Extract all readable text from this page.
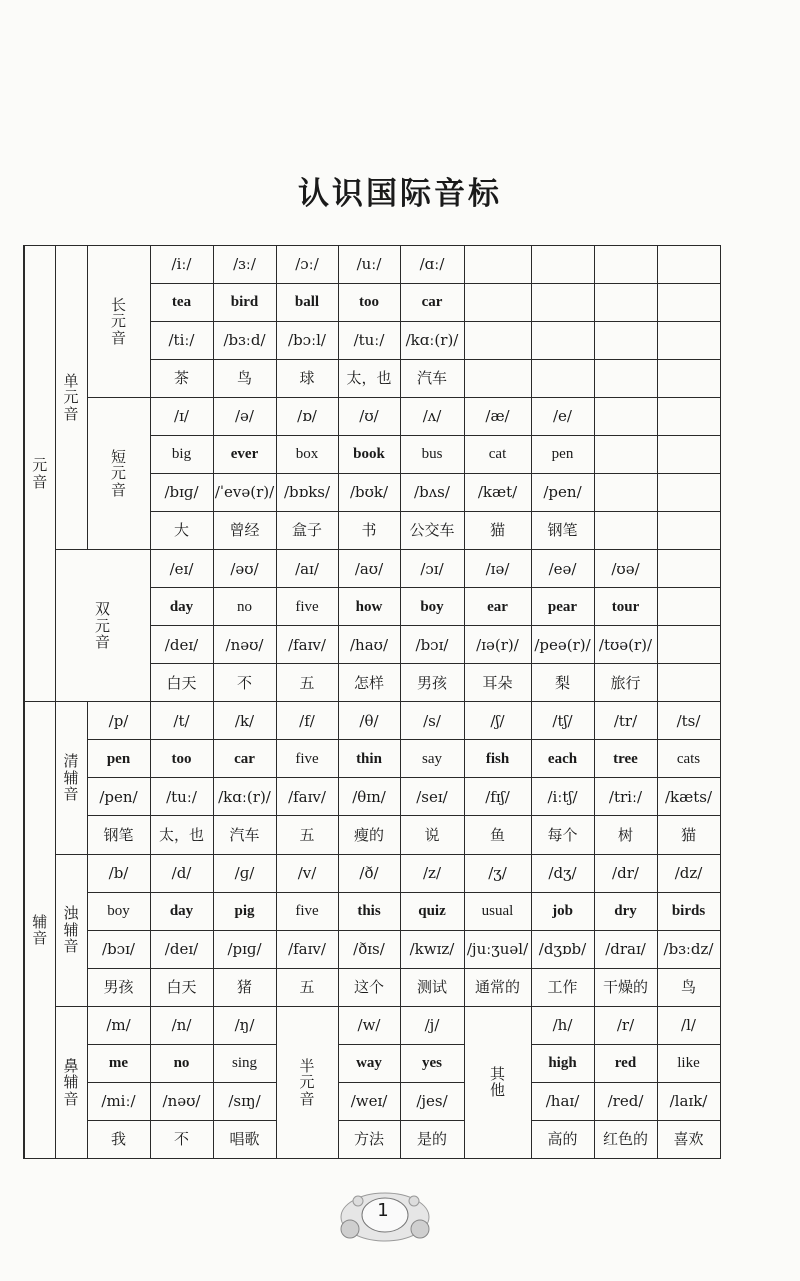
认识国际音标
元音	单元音	长元音	/iː/	/ɜː/	/ɔː/	/uː/	/ɑː/					
			tea	bird	ball	too	car					
			/tiː/	/bɜːd/	/bɔːl/	/tuː/	/kɑː(r)/					
			茶	鸟	球	太，也	汽车					
		短元音	/ɪ/	/ə/	/ɒ/	/ʊ/	/ʌ/	/æ/	/e/			
			big	ever	box	book	bus	cat	pen			
			/bɪɡ/	/ˈevə(r)/	/bɒks/	/bʊk/	/bʌs/	/kæt/	/pen/			
			大	曾经	盒子	书	公交车	猫	钢笔			
	双元音		/eɪ/	/əʊ/	/aɪ/	/aʊ/	/ɔɪ/	/ɪə/	/eə/	/ʊə/		
			day	no	five	how	boy	ear	pear	tour		
			/deɪ/	/nəʊ/	/faɪv/	/haʊ/	/bɔɪ/	/ɪə(r)/	/peə(r)/	/tʊə(r)/		
			白天	不	五	怎样	男孩	耳朵	梨	旅行		
辅音	清辅音	/p/	/t/	/k/	/f/	/θ/	/s/	/ʃ/	/tʃ/	/tr/	/ts/	
		pen	too	car	five	thin	say	fish	each	tree	cats	
		/pen/	/tuː/	/kɑː(r)/	/faɪv/	/θɪn/	/seɪ/	/fɪʃ/	/iːtʃ/	/triː/	/kæts/	
		钢笔	太，也	汽车	五	瘦的	说	鱼	每个	树	猫	
	浊辅音	/b/	/d/	/ɡ/	/v/	/ð/	/z/	/ʒ/	/dʒ/	/dr/	/dz/	
		boy	day	pig	five	this	quiz	usual	job	dry	birds	
		/bɔɪ/	/deɪ/	/pɪɡ/	/faɪv/	/ðɪs/	/kwɪz/	/juːʒuəl/	/dʒɒb/	/draɪ/	/bɜːdz/	
		男孩	白天	猪	五	这个	测试	通常的	工作	干燥的	鸟	
	鼻辅音	/m/	/n/	/ŋ/	半元音	/w/	/j/	其他	/h/	/r/	/l/	
		me	no	sing		way	yes		high	red	like	
		/miː/	/nəʊ/	/sɪŋ/		/weɪ/	/jes/		/haɪ/	/red/	/laɪk/	
		我	不	唱歌		方法	是的		高的	红色的	喜欢	
1
